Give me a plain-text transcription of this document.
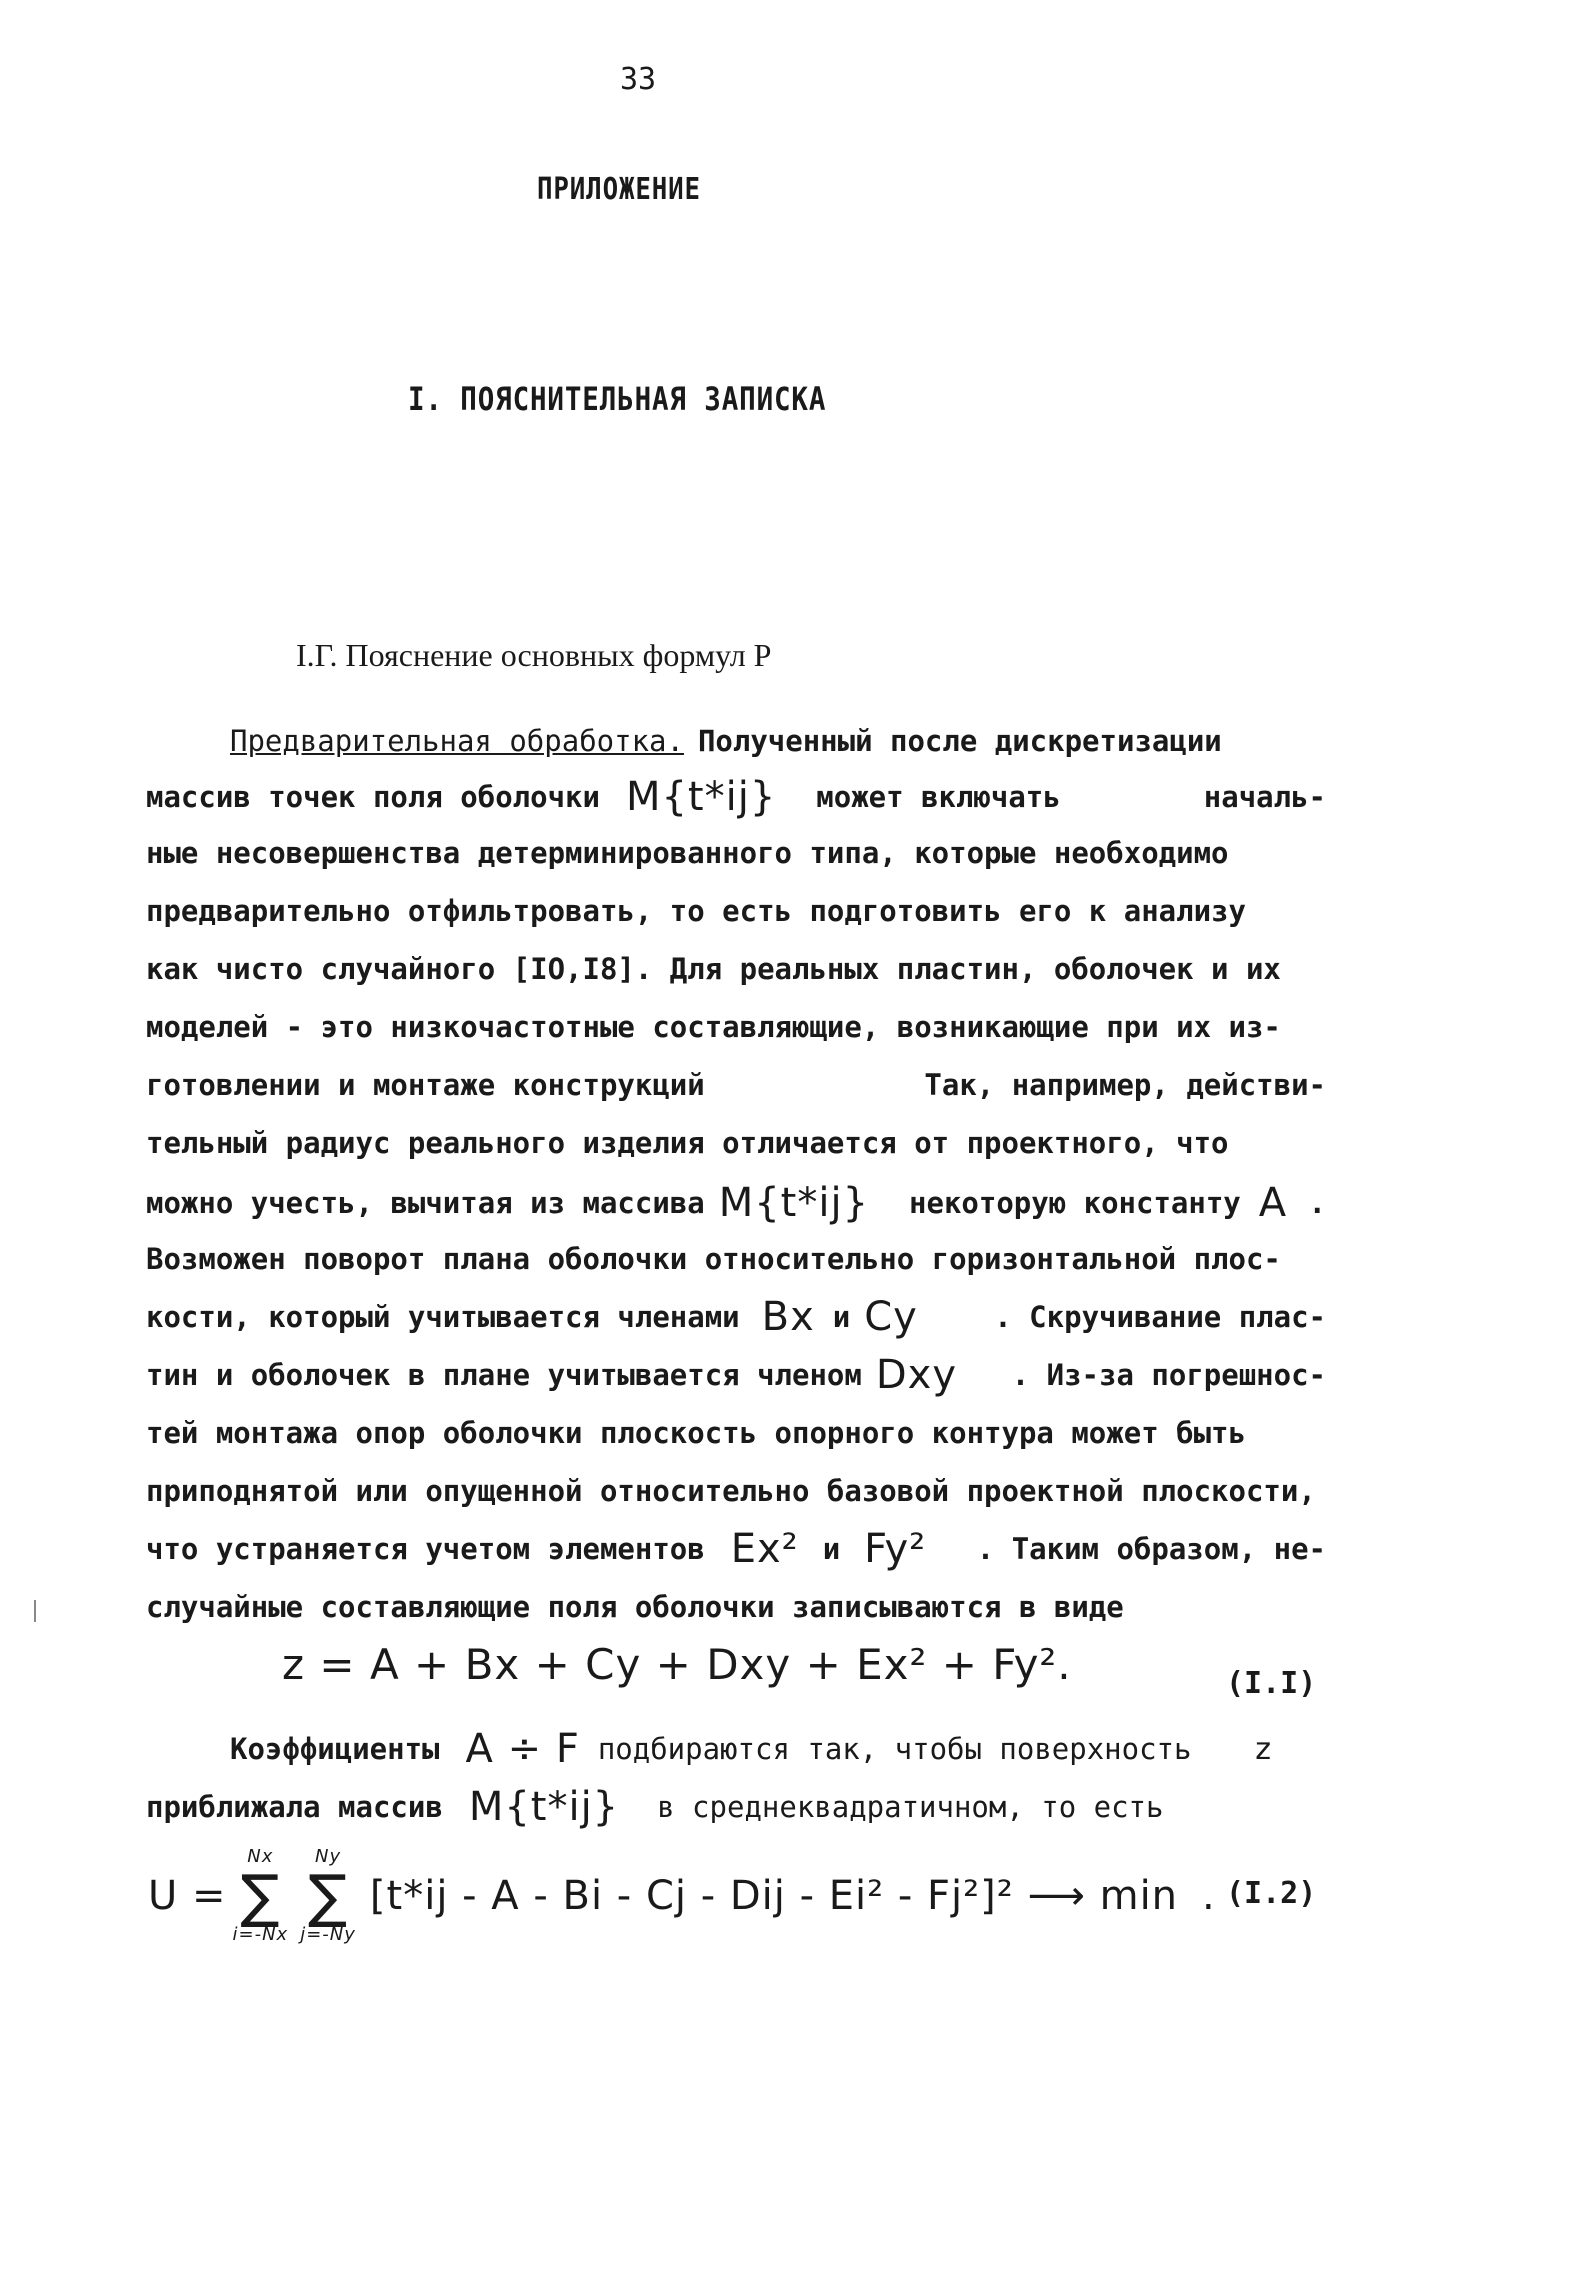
33
ПРИЛОЖЕНИЕ
I. ПОЯСНИТЕЛЬНАЯ ЗАПИСКА
I.Г. Пояснение основных формул Р
Предварительная обработка. Полученный после дискретизации
массив точек поля оболочки M{t*ij} может включать	началь-
ные несовершенства детерминированного типа, которые необходимо
предварительно отфильтровать, то есть подготовить его к анализу
как чисто случайного [IO,I8]. Для реальных пластин, оболочек и их
моделей - это низкочастотные составляющие, возникающие при их из-
готовлении и монтаже конструкций	Так, например, действи-
тельный радиус реального изделия отличается от проектного, что
можно учесть, вычитая из массива M{t*ij} некоторую константу A .
Возможен поворот плана оболочки относительно горизонтальной плос-
кости, который учитывается членами Bx и Cy	. Скручивание плас-
тин и оболочек в плане учитывается членом Dxy . Из-за погрешнос-
тей монтажа опор оболочки плоскость опорного контура может быть
приподнятой или опущенной относительно базовой проектной плоскости,
что устраняется учетом элементов Ex² и Fy² . Таким образом, не-
случайные составляющие поля оболочки записываются в виде
z = A + Bx + Cy + Dxy + Ex² + Fy².	(I.I)
Коэффициенты A ÷ F подбираются так, чтобы поверхность z
приближала массив M{t*ij} в среднеквадратичном, то есть
U =
Nx
∑
i=-Nx
Ny
∑
j=-Ny
[t*ij - A - Bi - Cj - Dij - Ei² - Fj²]² ⟶ min . (I.2)
